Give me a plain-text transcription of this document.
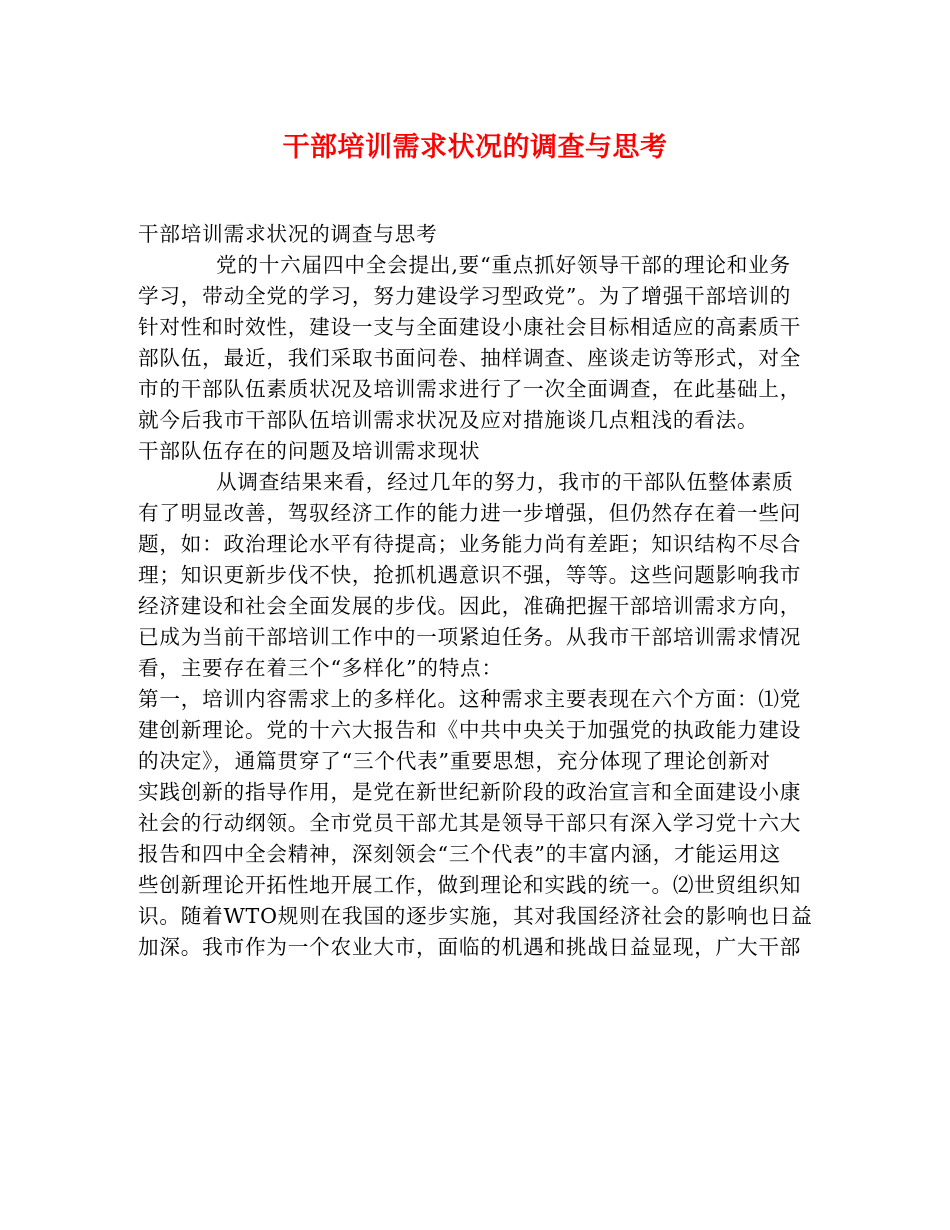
干部培训需求状况的调查与思考
干部培训需求状况的调查与思考
党的十六届四中全会提出,要“重点抓好领导干部的理论和业务
学习，带动全党的学习，努力建设学习型政党”。为了增强干部培训的
针对性和时效性，建设一支与全面建设小康社会目标相适应的高素质干
部队伍，最近，我们采取书面问卷、抽样调查、座谈走访等形式，对全
市的干部队伍素质状况及培训需求进行了一次全面调查，在此基础上，
就今后我市干部队伍培训需求状况及应对措施谈几点粗浅的看法。
干部队伍存在的问题及培训需求现状
从调查结果来看，经过几年的努力，我市的干部队伍整体素质
有了明显改善，驾驭经济工作的能力进一步增强，但仍然存在着一些问
题，如：政治理论水平有待提高；业务能力尚有差距；知识结构不尽合
理；知识更新步伐不快，抢抓机遇意识不强，等等。这些问题影响我市
经济建设和社会全面发展的步伐。因此，准确把握干部培训需求方向，
已成为当前干部培训工作中的一项紧迫任务。从我市干部培训需求情况
看，主要存在着三个“多样化”的特点：
第一，培训内容需求上的多样化。这种需求主要表现在六个方面：⑴党
建创新理论。党的十六大报告和《中共中央关于加强党的执政能力建设
的决定》，通篇贯穿了“三个代表”重要思想，充分体现了理论创新对
实践创新的指导作用，是党在新世纪新阶段的政治宣言和全面建设小康
社会的行动纲领。全市党员干部尤其是领导干部只有深入学习党十六大
报告和四中全会精神，深刻领会“三个代表”的丰富内涵，才能运用这
些创新理论开拓性地开展工作，做到理论和实践的统一。⑵世贸组织知
识。随着WTO规则在我国的逐步实施，其对我国经济社会的影响也日益
加深。我市作为一个农业大市，面临的机遇和挑战日益显现，广大干部
